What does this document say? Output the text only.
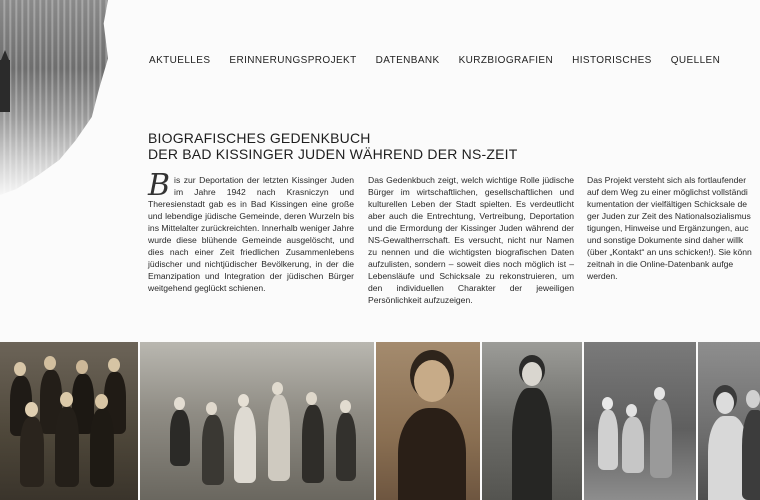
AKTUELLES ERINNERUNGSPROJEKT DATENBANK KURZBIOGRAFIEN HISTORISCHES QUELLEN
BIOGRAFISCHES GEDENKBUCH
DER BAD KISSINGER JUDEN WÄHREND DER NS-ZEIT

B is zur Deportation der letzten Kissinger Juden im Jahre 1942 nach Krasniczyn und Theresienstadt gab es in Bad Kissingen eine große und lebendige jüdische Gemeinde, deren Wurzeln bis ins Mittelalter zurückreichten. Innerhalb weniger Jahre wurde diese blühende Gemeinde ausgelöscht, und dies nach einer Zeit friedlichen Zusammenlebens jüdischer und nichtjüdischer Bevölkerung, in der die Emanzipation und Integration der jüdischen Bürger weitgehend geglückt schienen.

Das Gedenkbuch zeigt, welch wichtige Rolle jüdische Bürger im wirtschaftlichen, gesellschaftlichen und kulturellen Leben der Stadt spielten. Es verdeutlicht aber auch die Entrechtung, Vertreibung, Deportation und die Ermordung der Kissinger Juden während der NS-Gewaltherrschaft. Es versucht, nicht nur Namen zu nennen und die wichtigsten biografischen Daten aufzulisten, sondern – soweit dies noch möglich ist – Lebensläufe und Schicksale zu rekonstruieren, um den individuellen Charakter der jeweiligen Persönlichkeit aufzuzeigen.

Das Projekt versteht sich als fortlaufender
auf dem Weg zu einer möglichst vollständi
kumentation der vielfältigen Schicksale de
ger Juden zur Zeit des Nationalsozialismus
tigungen, Hinweise und Ergänzungen, auc
und sonstige Dokumente sind daher willk
(über „Kontakt“ an uns schicken!). Sie könn
zeitnah in die Online-Datenbank aufge
werden.
